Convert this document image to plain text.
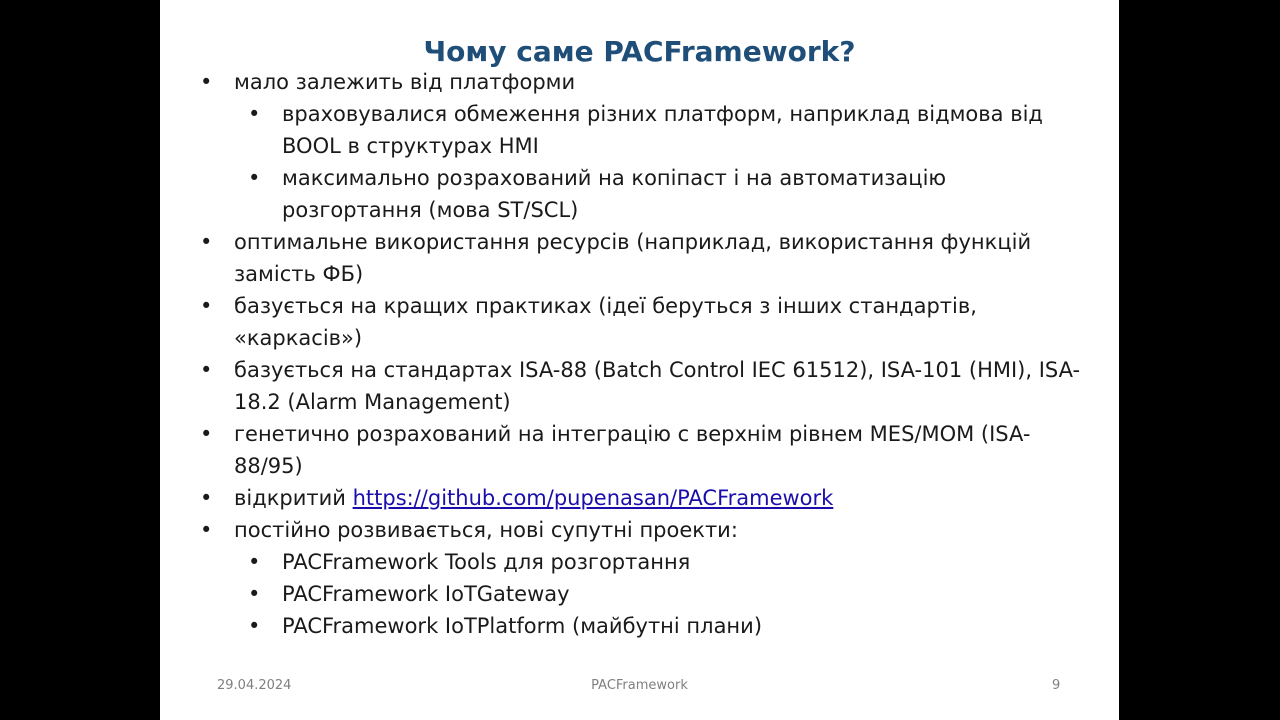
Чому саме PACFramework?
•	мало залежить від платформи
•	враховувалися обмеження різних платформ, наприклад відмова від BOOL в структурах HMI
•	максимально розрахований на копіпаст і на автоматизацію розгортання (мова ST/SCL)
•	оптимальне використання ресурсів (наприклад, використання функцій замість ФБ)
•	базується на кращих практиках (ідеї беруться з інших стандартів, «каркасів»)
•	базується на стандартах ISA-88 (Batch Control IEC 61512), ISA-101 (HMI), ISA-18.2 (Alarm Management)
•	генетично розрахований на інтеграцію с верхнім рівнем MES/MOM (ISA-88/95)
•	відкритий https://github.com/pupenasan/PACFramework
•	постійно розвивається, нові супутні проекти:
•	PACFramework Tools для розгортання
•	PACFramework IoTGateway
•	PACFramework IoTPlatform (майбутні плани)
29.04.2024	PACFramework	9
